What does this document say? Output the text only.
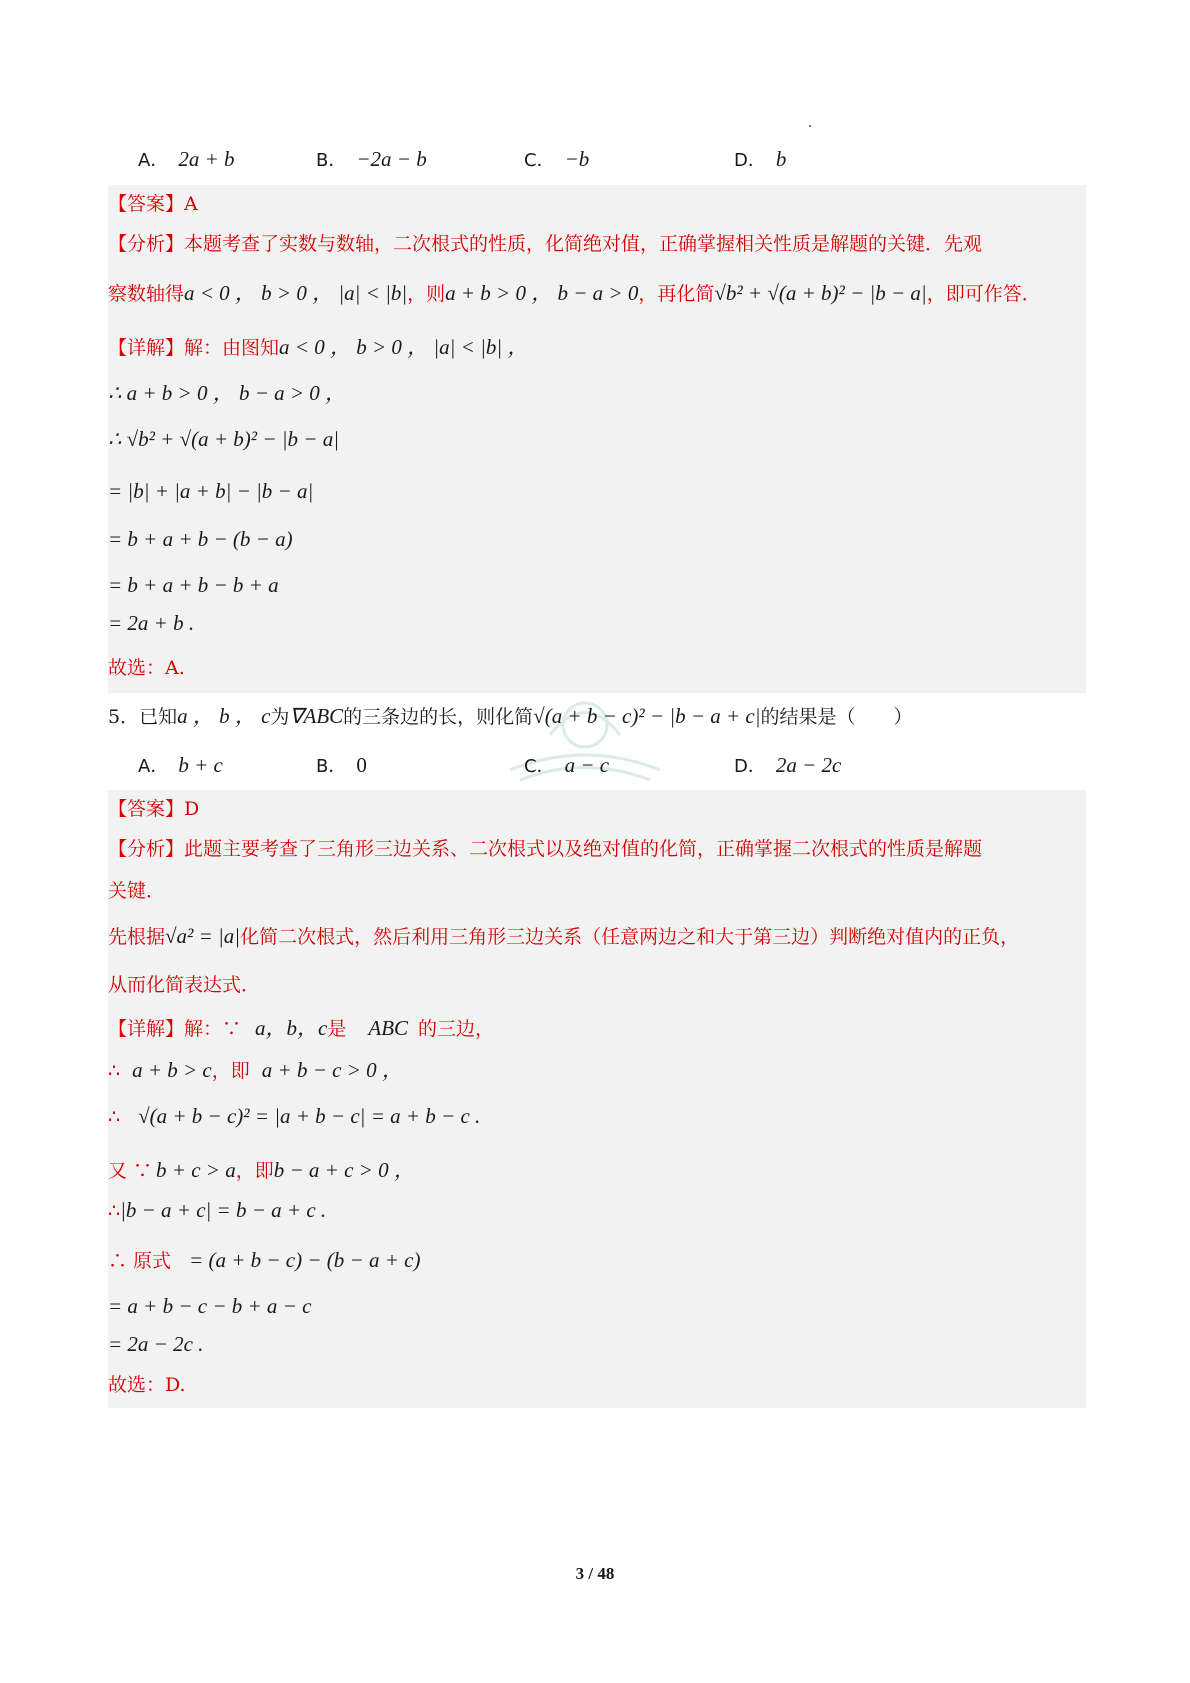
A． 2a + b	B． −2a − b	C． −b	D． b
【答案】A
【分析】本题考查了实数与数轴，二次根式的性质，化简绝对值，正确掌握相关性质是解题的关键．先观
察数轴得a < 0 ， b > 0 ， |a| < |b|，则a + b > 0 ， b − a > 0，再化简√b² + √(a + b)² − |b − a|，即可作答．
【详解】解：由图知a < 0 ， b > 0 ， |a| < |b| ，
∴ a + b > 0 ， b − a > 0 ，
∴ √b² + √(a + b)² − |b − a|
= |b| + |a + b| − |b − a|
= b + a + b − (b − a)
= b + a + b − b + a
= 2a + b .
故选：A.
5．已知a ， b ， c为∇ABC的三条边的长，则化简√(a + b − c)² − |b − a + c|的结果是（　　）
A． b + c	B． 0	C． a − c	D． 2a − 2c
【答案】D
【分析】此题主要考查了三角形三边关系、二次根式以及绝对值的化简，正确掌握二次根式的性质是解题
关键．
先根据√a² = |a|化简二次根式，然后利用三角形三边关系（任意两边之和大于第三边）判断绝对值内的正负，
从而化简表达式．
【详解】解：∵ a，b，c是 ABC 的三边，
∴ a + b > c，即 a + b − c > 0 ，
∴ √(a + b − c)² = |a + b − c| = a + b − c .
又 ∵ b + c > a，即b − a + c > 0 ，
∴|b − a + c| = b − a + c .
∴ 原式 = (a + b − c) − (b − a + c)
= a + b − c − b + a − c
= 2a − 2c .
故选：D.
3 / 48
